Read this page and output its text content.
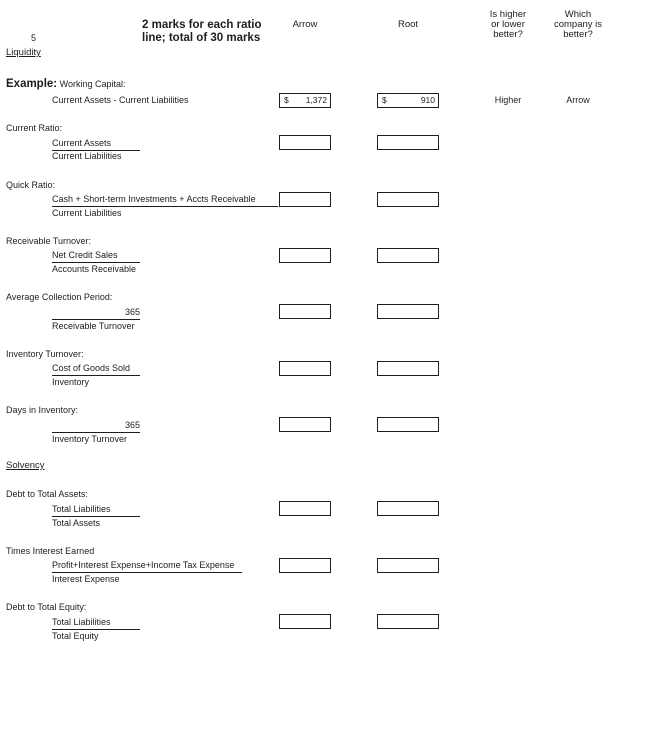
5
2 marks for each ratio
line; total of 30 marks
Arrow	Root
Is higher
or lower
better?
Which
company is
better?
Liquidity
Example: Working Capital:
Current Assets - Current Liabilities	$ 1,372	$	910	Higher	Arrow
Current Ratio:
Current Assets
Current Liabilities
Quick Ratio:
Cash + Short-term Investments + Accts Receivable
Current Liabilities
Receivable Turnover:
Net Credit Sales
Accounts Receivable
Average Collection Period:
365
Receivable Turnover
Inventory Turnover:
Cost of Goods Sold
Inventory
Days in Inventory:
365
Inventory Turnover
Solvency
Debt to Total Assets:
Total Liabilities
Total Assets
Times Interest Earned
Profit+Interest Expense+Income Tax Expense
Interest Expense
Debt to Total Equity:
Total Liabilities
Total Equity
